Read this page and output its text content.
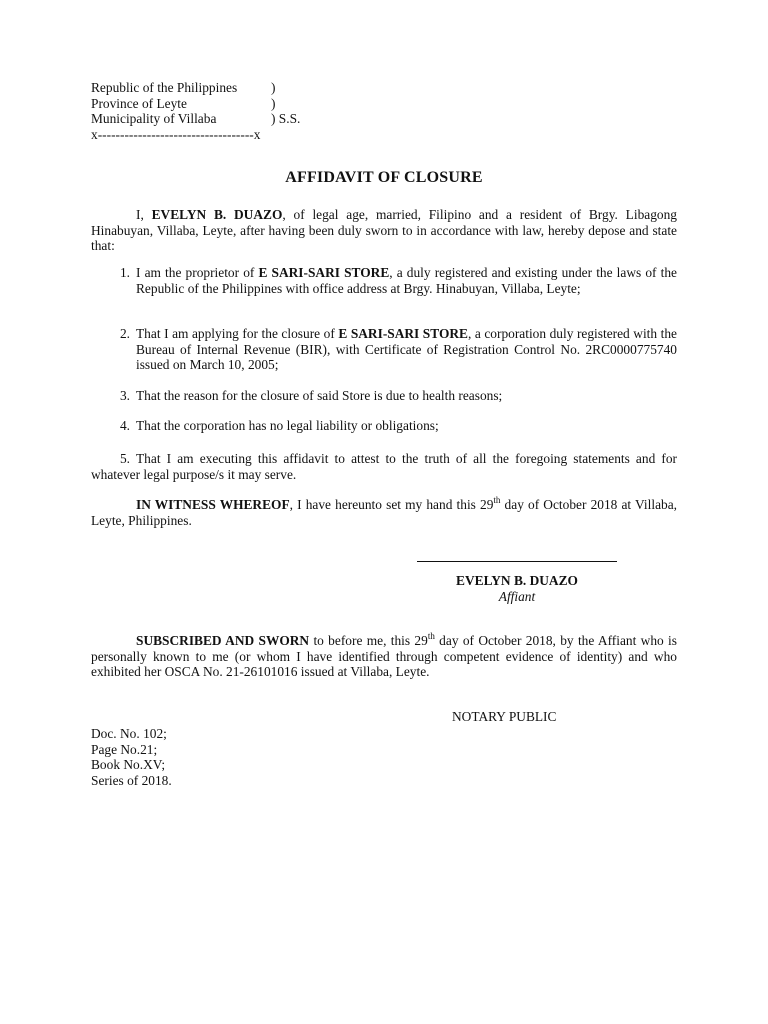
Republic of the Philippines	)
Province of Leyte	)
Municipality of Villaba	) S.S.
x-----------------------------------x
AFFIDAVIT OF CLOSURE
I, EVELYN B. DUAZO, of legal age, married, Filipino and a resident of Brgy. Libagong Hinabuyan, Villaba, Leyte, after having been duly sworn to in accordance with law, hereby depose and state that:
1. I am the proprietor of E SARI-SARI STORE, a duly registered and existing under the laws of the Republic of the Philippines with office address at Brgy. Hinabuyan, Villaba, Leyte;
2. That I am applying for the closure of E SARI-SARI STORE, a corporation duly registered with the Bureau of Internal Revenue (BIR), with Certificate of Registration Control No. 2RC0000775740 issued on March 10, 2005;
3. That the reason for the closure of said Store is due to health reasons;
4. That the corporation has no legal liability or obligations;
5. That I am executing this affidavit to attest to the truth of all the foregoing statements and for whatever legal purpose/s it may serve.
IN WITNESS WHEREOF, I have hereunto set my hand this 29th day of October 2018 at Villaba, Leyte, Philippines.
EVELYN B. DUAZO
Affiant
SUBSCRIBED AND SWORN to before me, this 29th day of October 2018, by the Affiant who is personally known to me (or whom I have identified through competent evidence of identity) and who exhibited her OSCA No. 21-26101016 issued at Villaba, Leyte.
NOTARY PUBLIC
Doc. No. 102;
Page No.21;
Book No.XV;
Series of 2018.
